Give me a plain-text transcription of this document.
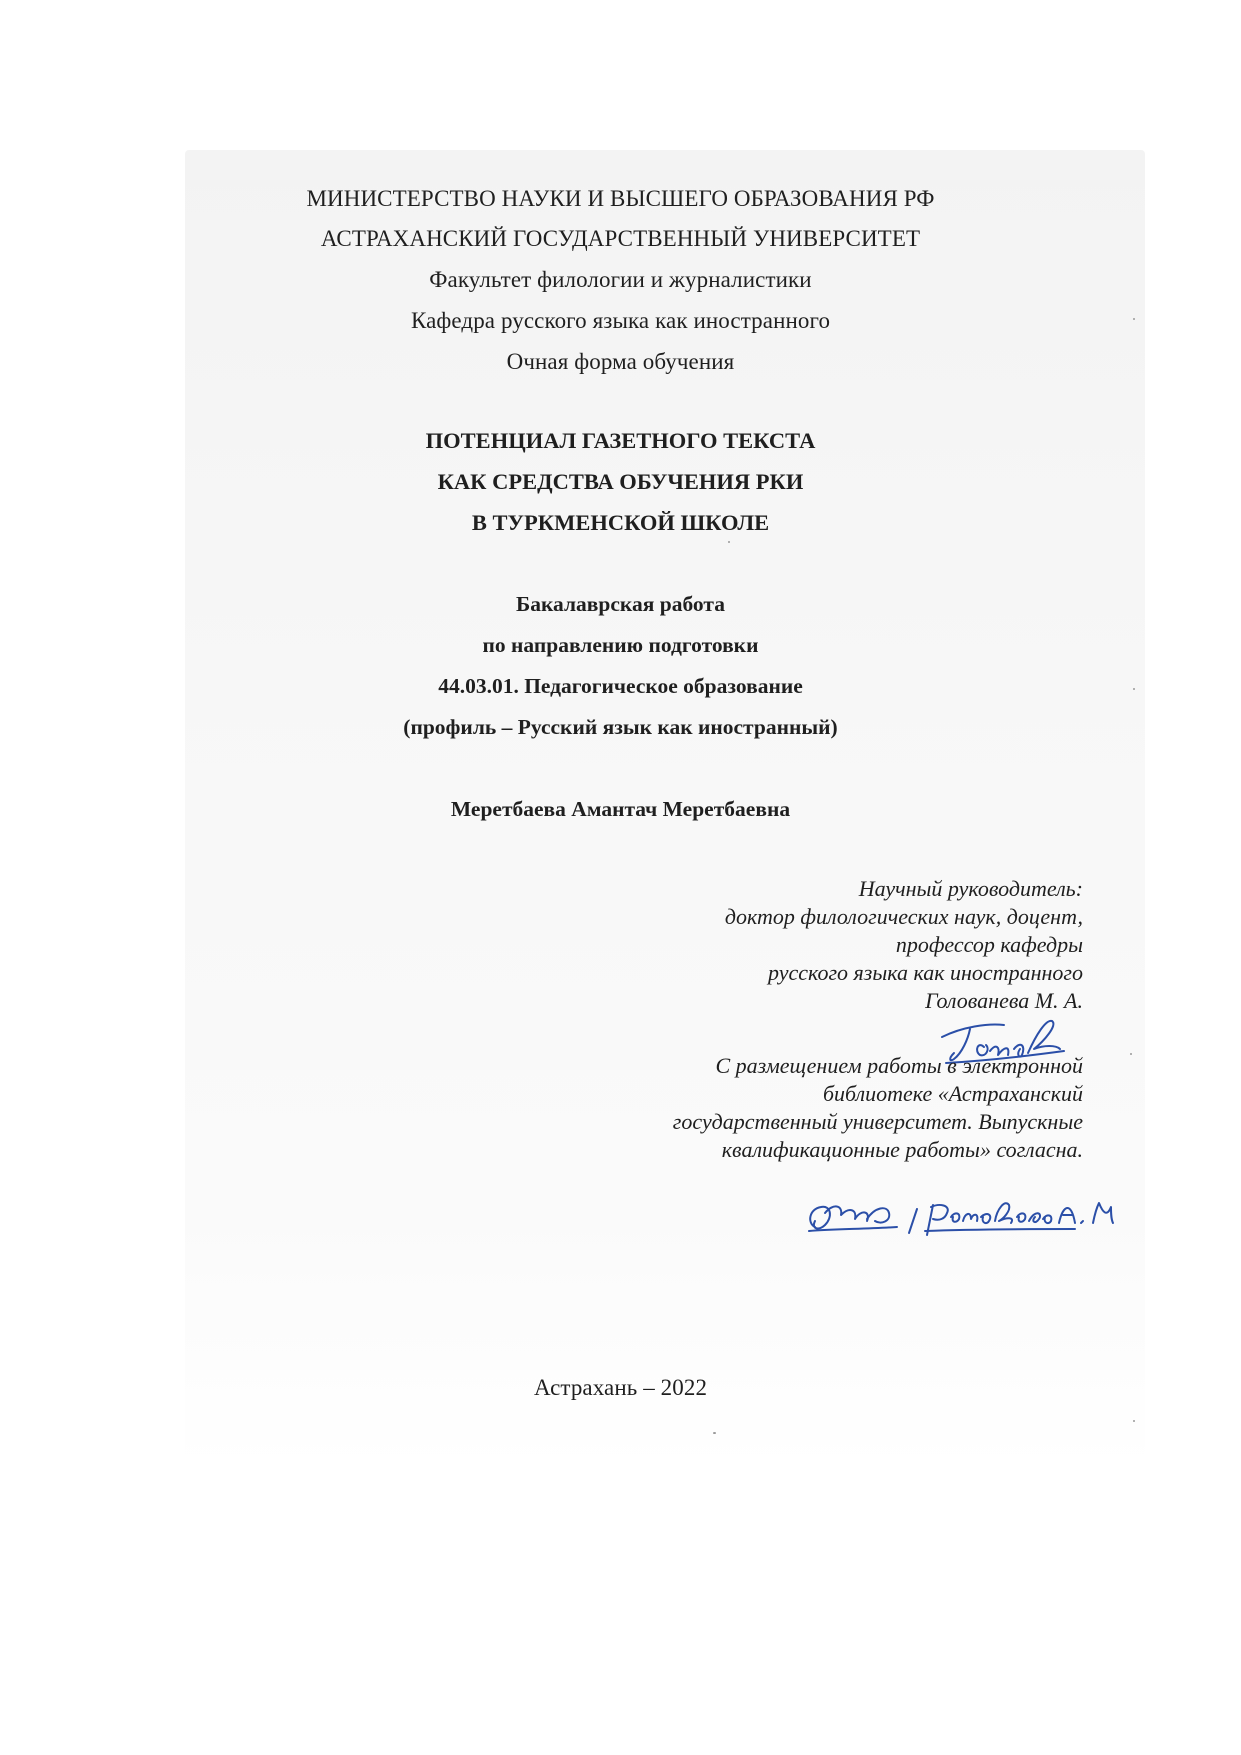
МИНИСТЕРСТВО НАУКИ И ВЫСШЕГО ОБРАЗОВАНИЯ РФ
АСТРАХАНСКИЙ ГОСУДАРСТВЕННЫЙ УНИВЕРСИТЕТ
Факультет филологии и журналистики
Кафедра русского языка как иностранного
Очная форма обучения
ПОТЕНЦИАЛ ГАЗЕТНОГО ТЕКСТА
КАК СРЕДСТВА ОБУЧЕНИЯ РКИ
В ТУРКМЕНСКОЙ ШКОЛЕ
Бакалаврская работа
по направлению подготовки
44.03.01. Педагогическое образование
(профиль – Русский язык как иностранный)
Меретбаева Амантач Меретбаевна
Научный руководитель:
доктор филологических наук, доцент,
профессор кафедры
русского языка как иностранного
Голованева М. А.
С размещением работы в электронной
библиотеке «Астраханский
государственный университет. Выпускные
квалификационные работы» согласна.
Астрахань – 2022
